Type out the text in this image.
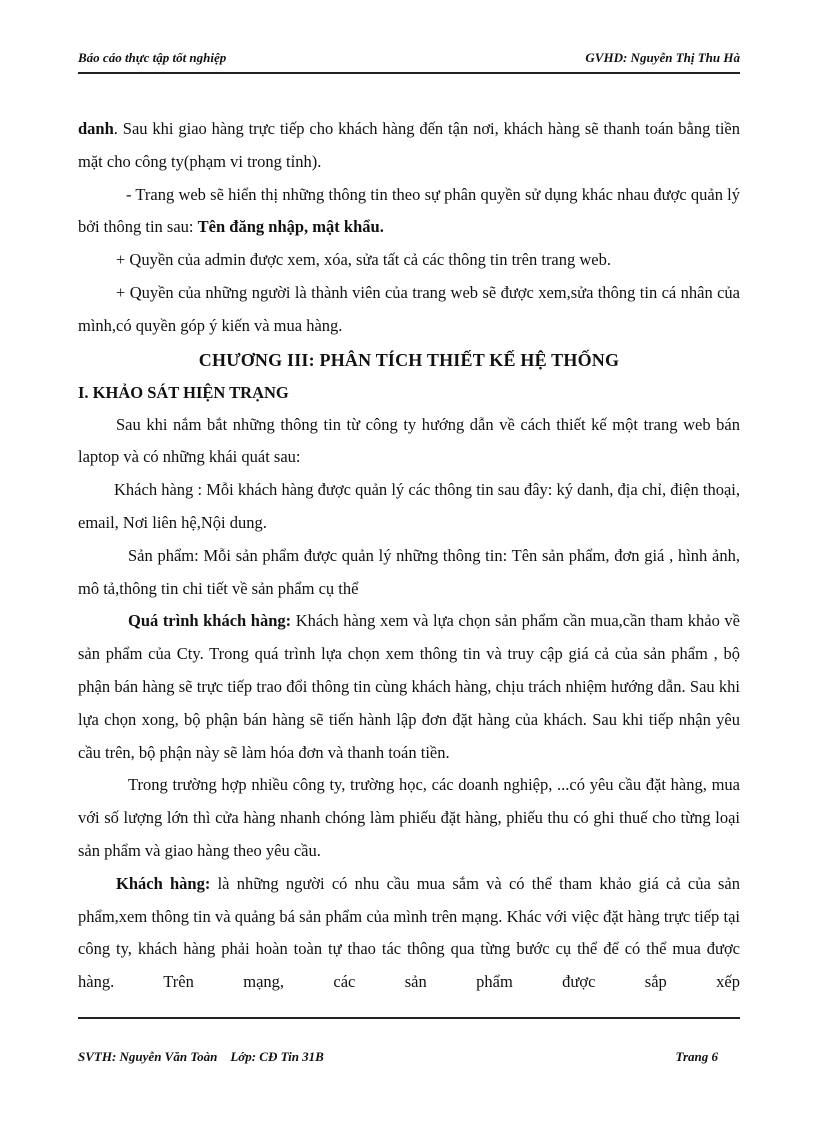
Báo cáo thực tập tốt nghiệp	GVHD: Nguyễn Thị Thu Hà

danh. Sau khi giao hàng trực tiếp cho khách hàng đến tận nơi, khách hàng sẽ thanh toán bằng tiền mặt cho công ty(phạm vi trong tỉnh).

- Trang web sẽ hiển thị những thông tin theo sự phân quyền sử dụng khác nhau được quản lý bởi thông tin sau: Tên đăng nhập, mật khẩu.

+ Quyền của admin được xem, xóa, sửa tất cả các thông tin trên trang web.

+ Quyền của những người là thành viên của trang web sẽ được xem,sửa thông tin cá nhân của mình,có quyền góp ý kiến và mua hàng.

CHƯƠNG III: PHÂN TÍCH THIẾT KẾ HỆ THỐNG
I. KHẢO SÁT HIỆN TRẠNG

Sau khi nắm bắt những thông tin từ công ty hướng dẫn về cách thiết kế một trang web bán laptop và có những khái quát sau:

Khách hàng : Mỗi khách hàng được quản lý các thông tin sau đây: ký danh, địa chỉ, điện thoại, email, Nơi liên hệ,Nội dung.

Sản phẩm: Mỗi sản phẩm được quản lý những thông tin: Tên sản phẩm, đơn giá , hình ảnh, mô tả,thông tin chi tiết về sản phẩm cụ thể

Quá trình khách hàng: Khách hàng xem và lựa chọn sản phẩm cần mua,cần tham khảo về sản phẩm của Cty. Trong quá trình lựa chọn xem thông tin và truy cập giá cả của sản phẩm , bộ phận bán hàng sẽ trực tiếp trao đổi thông tin cùng khách hàng, chịu trách nhiệm hướng dẫn. Sau khi lựa chọn xong, bộ phận bán hàng sẽ tiến hành lập đơn đặt hàng của khách. Sau khi tiếp nhận yêu cầu trên, bộ phận này sẽ làm hóa đơn và thanh toán tiền.

Trong trường hợp nhiều công ty, trường học, các doanh nghiệp, ...có yêu cầu đặt hàng, mua với số lượng lớn thì cửa hàng nhanh chóng làm phiếu đặt hàng, phiếu thu có ghi thuế cho từng loại sản phẩm và giao hàng theo yêu cầu.

Khách hàng: là những người có nhu cầu mua sắm và có thể tham khảo giá cả của sản phẩm,xem thông tin và quảng bá sản phẩm của mình trên mạng. Khác với việc đặt hàng trực tiếp tại công ty, khách hàng phải hoàn toàn tự thao tác thông qua từng bước cụ thể để có thể mua được hàng. Trên mạng, các sản phẩm được sắp xếp

SVTH: Nguyễn Văn Toàn Lớp: CĐ Tin 31B	Trang 6
